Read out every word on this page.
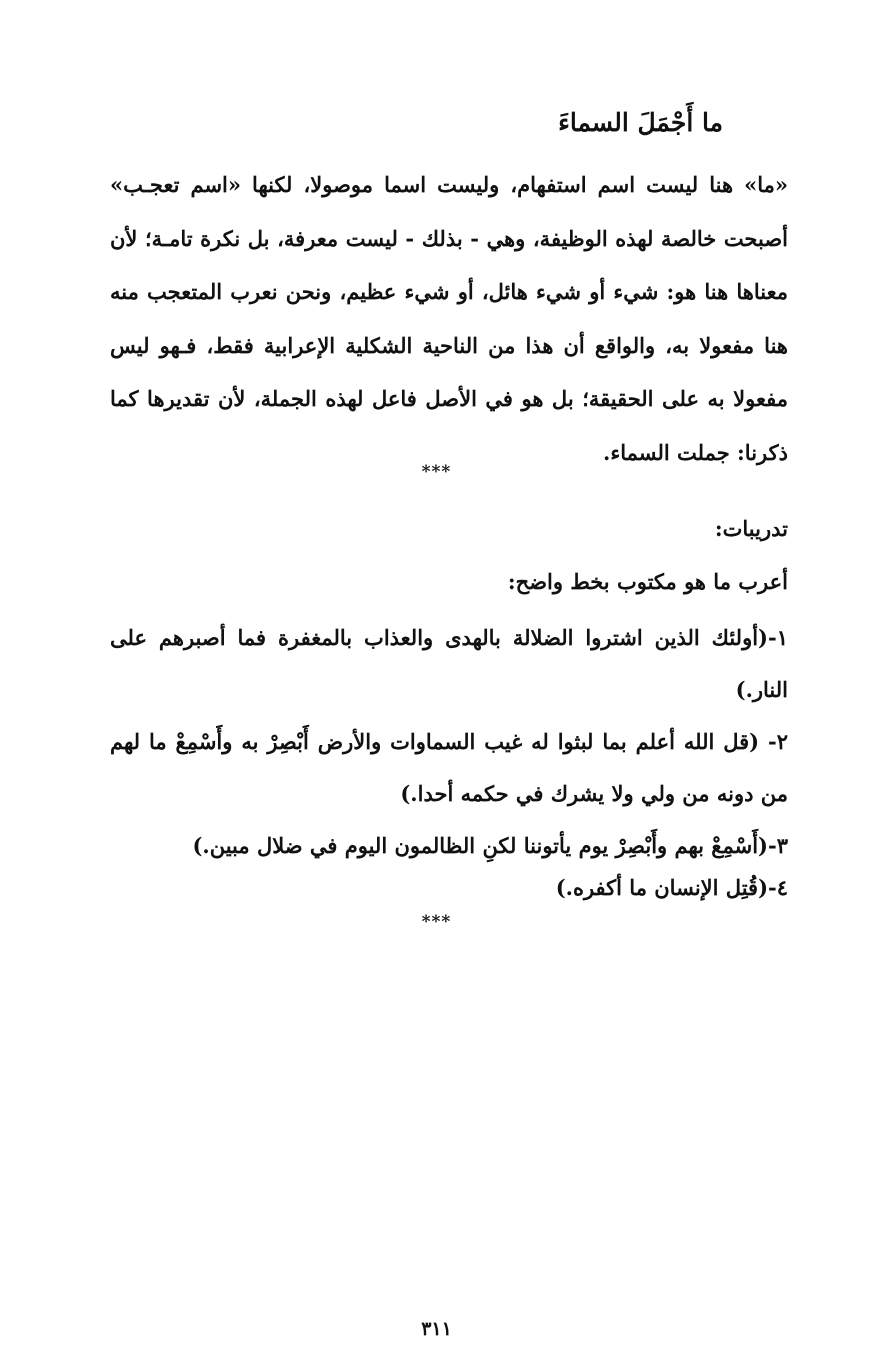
ما أَجْمَلَ السماءَ

«ما» هنا ليست اسم استفهام، وليست اسما موصولا، لكنها «اسم تعجـب» أصبحت خالصة لهذه الوظيفة، وهي - بذلك - ليست معرفة، بل نكرة تامـة؛ لأن معناها هنا هو: شيء أو شيء هائل، أو شيء عظيم، ونحن نعرب المتعجب منه هنا مفعولا به، والواقع أن هذا من الناحية الشكلية الإعرابية فقط، فـهو ليس مفعولا به على الحقيقة؛ بل هو في الأصل فاعل لهذه الجملة، لأن تقديرها كما ذكرنا: جملت السماء.

***
تدريبات:
أعرب ما هو مكتوب بخط واضح:

١-(أولئك الذين اشتروا الضلالة بالهدى والعذاب بالمغفرة فما أصبرهم على النار.)

٢- (قل الله أعلم بما لبثوا له غيب السماوات والأرض أَبْصِرْ به وأَسْمِعْ ما لهم من دونه من ولي ولا يشرك في حكمه أحدا.)

٣-(أَسْمِعْ بهم وأَبْصِرْ يوم يأتوننا لكنِ الظالمون اليوم في ضلال مبين.)

٤-(قُتِل الإنسان ما أكفره.)

***
٣١١
